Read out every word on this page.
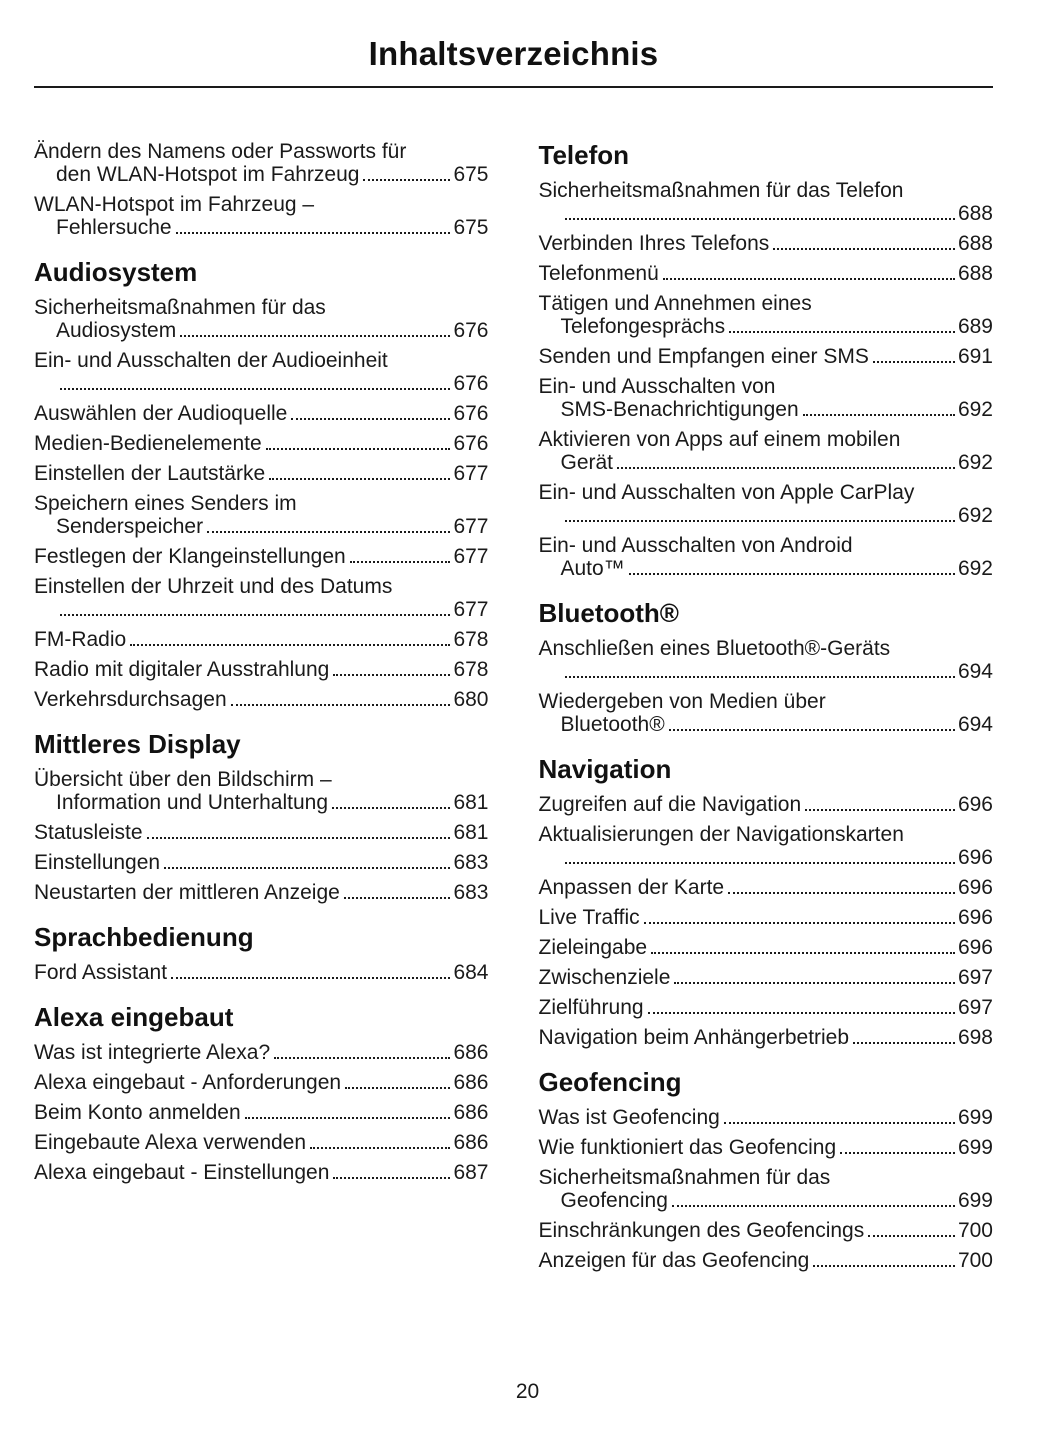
Inhaltsverzeichnis
Ändern des Namens oder Passworts für
den WLAN-Hotspot im Fahrzeug	675
WLAN-Hotspot im Fahrzeug –
Fehlersuche	675
Audiosystem
Sicherheitsmaßnahmen für das
Audiosystem	676
Ein- und Ausschalten der Audioeinheit
676
Auswählen der Audioquelle	676
Medien-Bedienelemente	676
Einstellen der Lautstärke	677
Speichern eines Senders im
Senderspeicher	677
Festlegen der Klangeinstellungen	677
Einstellen der Uhrzeit und des Datums
677
FM-Radio	678
Radio mit digitaler Ausstrahlung	678
Verkehrsdurchsagen	680
Mittleres Display
Übersicht über den Bildschirm –
Information und Unterhaltung	681
Statusleiste	681
Einstellungen	683
Neustarten der mittleren Anzeige	683
Sprachbedienung
Ford Assistant	684
Alexa eingebaut
Was ist integrierte Alexa?	686
Alexa eingebaut - Anforderungen	686
Beim Konto anmelden	686
Eingebaute Alexa verwenden	686
Alexa eingebaut - Einstellungen	687
Telefon
Sicherheitsmaßnahmen für das Telefon
688
Verbinden Ihres Telefons	688
Telefonmenü	688
Tätigen und Annehmen eines
Telefongesprächs	689
Senden und Empfangen einer SMS	691
Ein- und Ausschalten von
SMS-Benachrichtigungen	692
Aktivieren von Apps auf einem mobilen
Gerät	692
Ein- und Ausschalten von Apple CarPlay
692
Ein- und Ausschalten von Android
Auto™	692
Bluetooth®
Anschließen eines Bluetooth®-Geräts
694
Wiedergeben von Medien über
Bluetooth®	694
Navigation
Zugreifen auf die Navigation	696
Aktualisierungen der Navigationskarten
696
Anpassen der Karte	696
Live Traffic	696
Zieleingabe	696
Zwischenziele	697
Zielführung	697
Navigation beim Anhängerbetrieb	698
Geofencing
Was ist Geofencing	699
Wie funktioniert das Geofencing	699
Sicherheitsmaßnahmen für das
Geofencing	699
Einschränkungen des Geofencings	700
Anzeigen für das Geofencing	700
20
